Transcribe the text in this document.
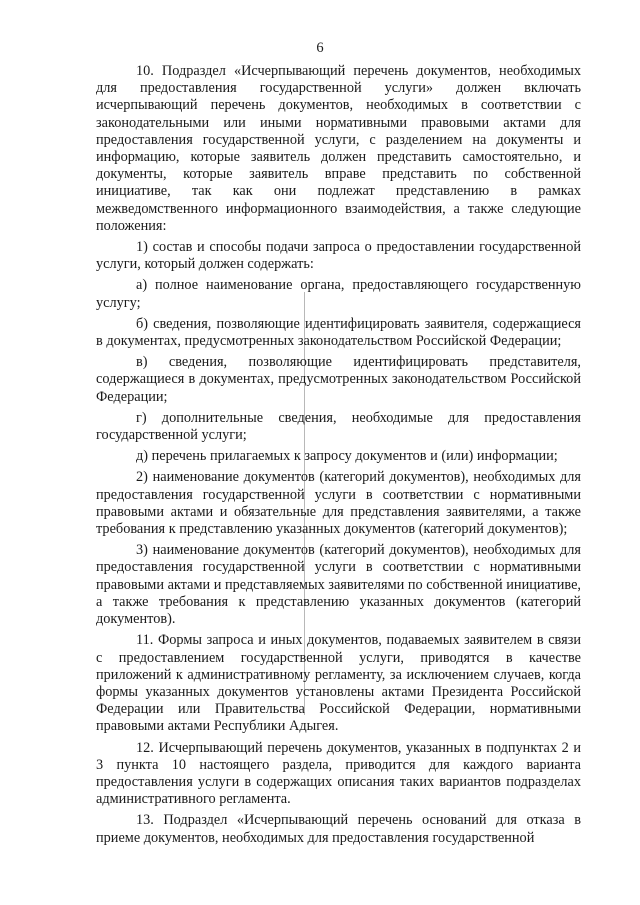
6

10. Подраздел «Исчерпывающий перечень документов, необходимых для предоставления государственной услуги» должен включать исчерпывающий перечень документов, необходимых в соответствии с законодательными или иными нормативными правовыми актами для предоставления государственной услуги, с разделением на документы и информацию, которые заявитель должен представить самостоятельно, и документы, которые заявитель вправе представить по собственной инициативе, так как они подлежат представлению в рамках межведомственного информационного взаимодействия, а также следующие положения:

1) состав и способы подачи запроса о предоставлении государственной услуги, который должен содержать:

а) полное наименование органа, предоставляющего государственную услугу;

б) сведения, позволяющие идентифицировать заявителя, содержащиеся в документах, предусмотренных законодательством Российской Федерации;

в) сведения, позволяющие идентифицировать представителя, содержащиеся в документах, предусмотренных законодательством Российской Федерации;

г) дополнительные сведения, необходимые для предоставления государственной услуги;

д) перечень прилагаемых к запросу документов и (или) информации;

2) наименование документов (категорий документов), необходимых для предоставления государственной услуги в соответствии с нормативными правовыми актами и обязательные для представления заявителями, а также требования к представлению указанных документов (категорий документов);

3) наименование документов (категорий документов), необходимых для предоставления государственной услуги в соответствии с нормативными правовыми актами и представляемых заявителями по собственной инициативе, а также требования к представлению указанных документов (категорий документов).

11. Формы запроса и иных документов, подаваемых заявителем в связи с предоставлением государственной услуги, приводятся в качестве приложений к административному регламенту, за исключением случаев, когда формы указанных документов установлены актами Президента Российской Федерации или Правительства Российской Федерации, нормативными правовыми актами Республики Адыгея.

12. Исчерпывающий перечень документов, указанных в подпунктах 2 и 3 пункта 10 настоящего раздела, приводится для каждого варианта предоставления услуги в содержащих описания таких вариантов подразделах административного регламента.

13. Подраздел «Исчерпывающий перечень оснований для отказа в приеме документов, необходимых для предоставления государственной
